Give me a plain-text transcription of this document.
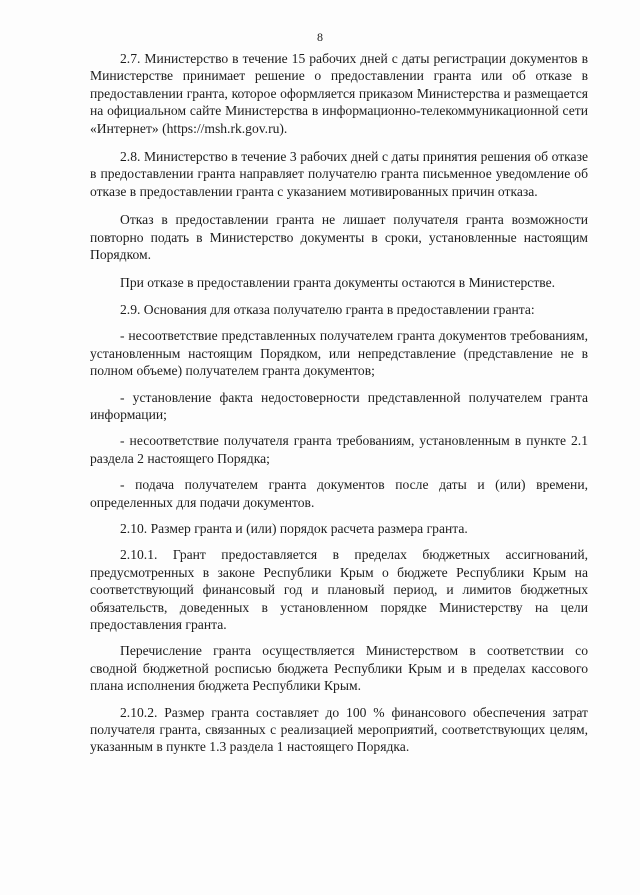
8

2.7. Министерство в течение 15 рабочих дней с даты регистрации документов в Министерстве принимает решение о предоставлении гранта или об отказе в предоставлении гранта, которое оформляется приказом Министерства и размещается на официальном сайте Министерства в информационно-телекоммуникационной сети «Интернет» (https://msh.rk.gov.ru).

2.8. Министерство в течение 3 рабочих дней с даты принятия решения об отказе в предоставлении гранта направляет получателю гранта письменное уведомление об отказе в предоставлении гранта с указанием мотивированных причин отказа.

Отказ в предоставлении гранта не лишает получателя гранта возможности повторно подать в Министерство документы в сроки, установленные настоящим Порядком.

При отказе в предоставлении гранта документы остаются в Министерстве.

2.9. Основания для отказа получателю гранта в предоставлении гранта:

- несоответствие представленных получателем гранта документов требованиям, установленным настоящим Порядком, или непредставление (представление не в полном объеме) получателем гранта документов;

- установление факта недостоверности представленной получателем гранта информации;

- несоответствие получателя гранта требованиям, установленным в пункте 2.1 раздела 2 настоящего Порядка;

- подача получателем гранта документов после даты и (или) времени, определенных для подачи документов.

2.10. Размер гранта и (или) порядок расчета размера гранта.

2.10.1. Грант предоставляется в пределах бюджетных ассигнований, предусмотренных в законе Республики Крым о бюджете Республики Крым на соответствующий финансовый год и плановый период, и лимитов бюджетных обязательств, доведенных в установленном порядке Министерству на цели предоставления гранта.

Перечисление гранта осуществляется Министерством в соответствии со сводной бюджетной росписью бюджета Республики Крым и в пределах кассового плана исполнения бюджета Республики Крым.

2.10.2. Размер гранта составляет до 100 % финансового обеспечения затрат получателя гранта, связанных с реализацией мероприятий, соответствующих целям, указанным в пункте 1.3 раздела 1 настоящего Порядка.
